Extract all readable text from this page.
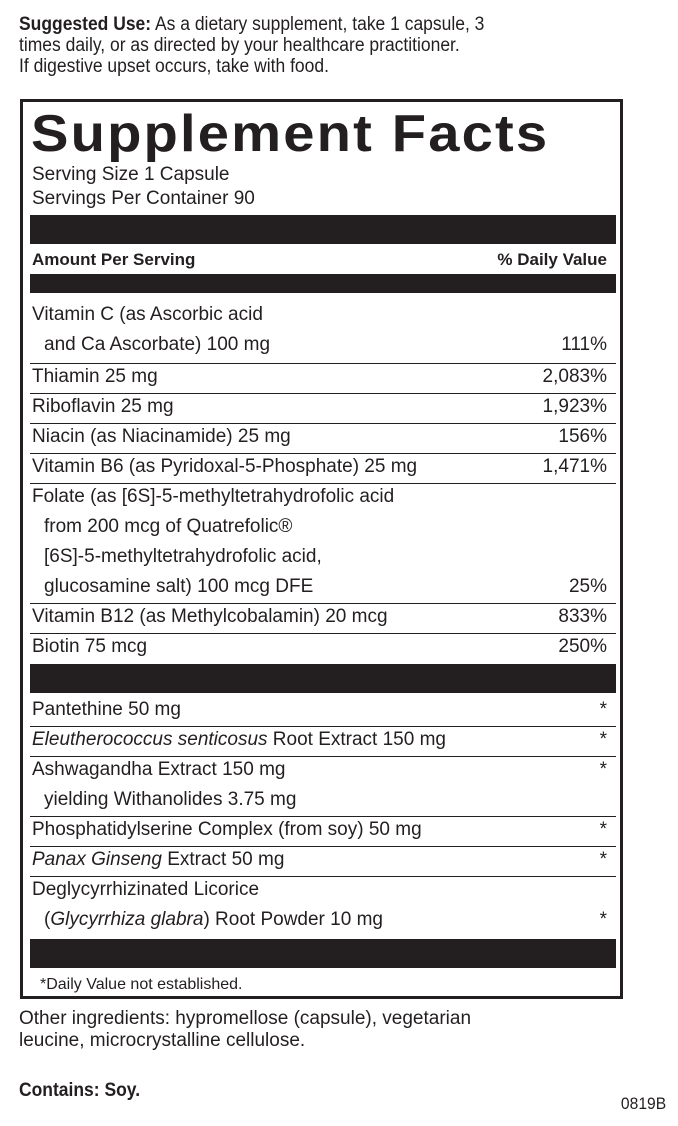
Suggested Use: As a dietary supplement, take 1 capsule, 3
times daily, or as directed by your healthcare practitioner.
If digestive upset occurs, take with food.
Supplement Facts
Serving Size 1 Capsule
Servings Per Container 90
Amount Per Serving	% Daily Value
Vitamin C (as Ascorbic acid
and Ca Ascorbate) 100 mg	111%
Thiamin 25 mg	2,083%
Riboflavin 25 mg	1,923%
Niacin (as Niacinamide) 25 mg	156%
Vitamin B6 (as Pyridoxal-5-Phosphate) 25 mg	1,471%
Folate (as [6S]-5-methyltetrahydrofolic acid
from 200 mcg of Quatrefolic®
[6S]-5-methyltetrahydrofolic acid,
glucosamine salt) 100 mcg DFE	25%
Vitamin B12 (as Methylcobalamin) 20 mcg	833%
Biotin 75 mcg	250%
Pantethine 50 mg	*
Eleutherococcus senticosus Root Extract 150 mg	*
Ashwagandha Extract 150 mg	*
yielding Withanolides 3.75 mg
Phosphatidylserine Complex (from soy) 50 mg	*
Panax Ginseng Extract 50 mg	*
Deglycyrrhizinated Licorice
(Glycyrrhiza glabra) Root Powder 10 mg	*
*Daily Value not established.
Other ingredients: hypromellose (capsule), vegetarian
leucine, microcrystalline cellulose.
Contains: Soy.
0819B
